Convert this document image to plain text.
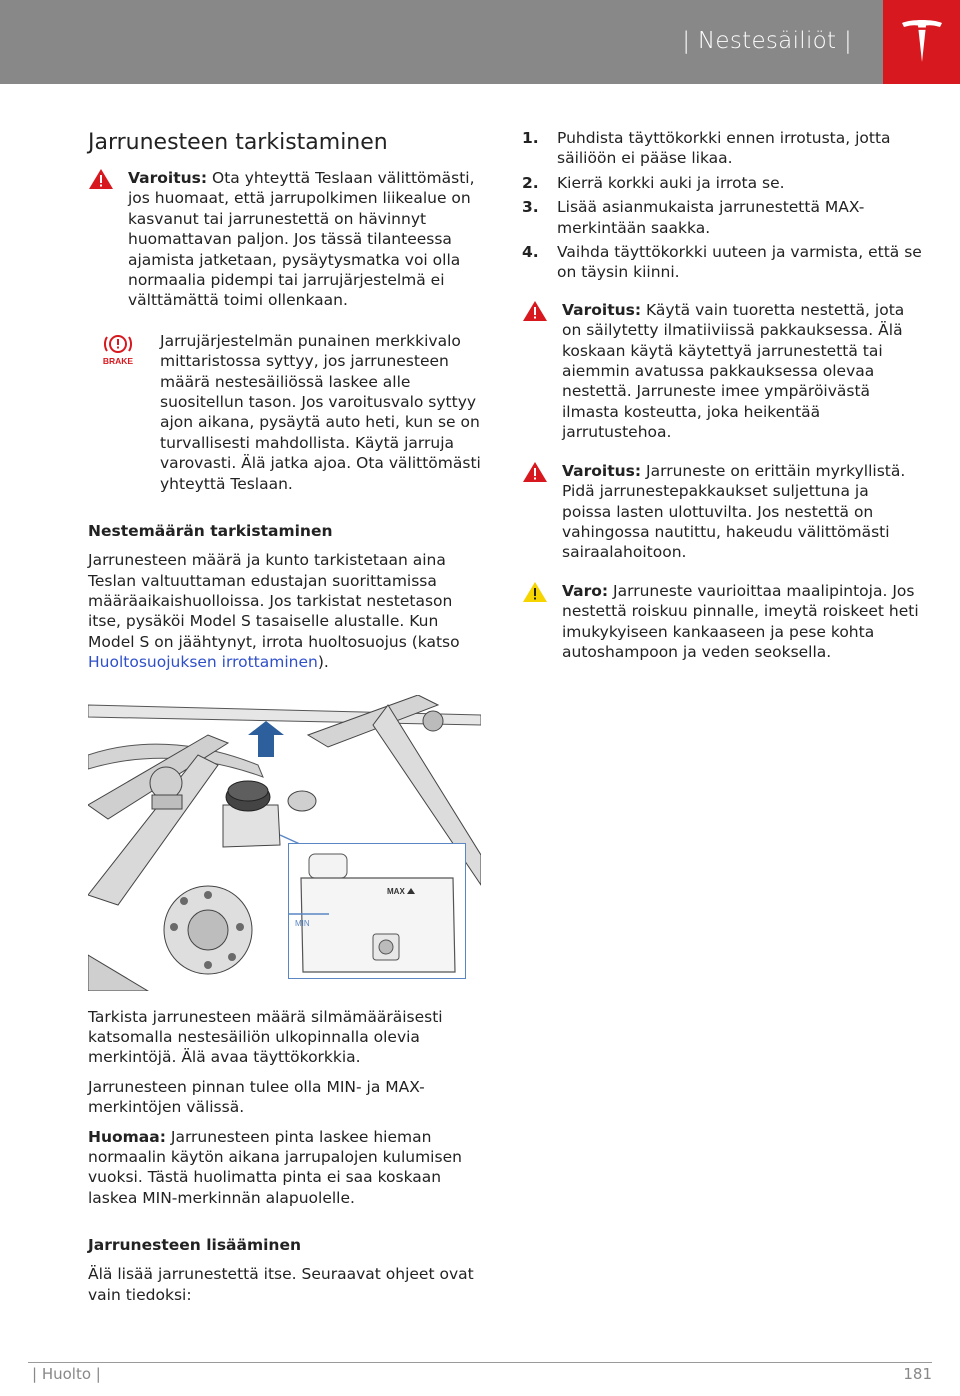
| Nestesäiliöt |
Jarrunesteen tarkistaminen
Varoitus: Ota yhteyttä Teslaan välittömästi, jos huomaat, että jarrupolkimen liikealue on kasvanut tai jarrunestettä on hävinnyt huomattavan paljon. Jos tässä tilanteessa ajamista jatketaan, pysäytysmatka voi olla normaalia pidempi tai jarrujärjestelmä ei välttämättä toimi ollenkaan.
BRAKE
Jarrujärjestelmän punainen merkkivalo mittaristossa syttyy, jos jarrunesteen määrä nestesäiliössä laskee alle suositellun tason. Jos varoitusvalo syttyy ajon aikana, pysäytä auto heti, kun se on turvallisesti mahdollista. Käytä jarruja varovasti. Älä jatka ajoa. Ota välittömästi yhteyttä Teslaan.
Nestemäärän tarkistaminen

Jarrunesteen määrä ja kunto tarkistetaan aina Teslan valtuuttaman edustajan suorittamissa määräaikaishuolloissa. Jos tarkistat nestetason itse, pysäköi Model S tasaiselle alustalle. Kun Model S on jäähtynyt, irrota huoltosuojus (katso Huoltosuojuksen irrottaminen).

MAX
MIN

Tarkista jarrunesteen määrä silmämääräisesti katsomalla nestesäiliön ulkopinnalla olevia merkintöjä. Älä avaa täyttökorkkia.

Jarrunesteen pinnan tulee olla MIN- ja MAX-merkintöjen välissä.

Huomaa: Jarrunesteen pinta laskee hieman normaalin käytön aikana jarrupalojen kulumisen vuoksi. Tästä huolimatta pinta ei saa koskaan laskea MIN-merkinnän alapuolelle.

Jarrunesteen lisääminen

Älä lisää jarrunestettä itse. Seuraavat ohjeet ovat vain tiedoksi:

1. Puhdista täyttökorkki ennen irrotusta, jotta säiliöön ei pääse likaa.
2. Kierrä korkki auki ja irrota se.
3. Lisää asianmukaista jarrunestettä MAX-merkintään saakka.
4. Vaihda täyttökorkki uuteen ja varmista, että se on täysin kiinni.
Varoitus: Käytä vain tuoretta nestettä, jota on säilytetty ilmatiiviissä pakkauksessa. Älä koskaan käytä käytettyä jarrunestettä tai aiemmin avatussa pakkauksessa olevaa nestettä. Jarruneste imee ympäröivästä ilmasta kosteutta, joka heikentää jarrutustehoa.
Varoitus: Jarruneste on erittäin myrkyllistä. Pidä jarrunestepakkaukset suljettuna ja poissa lasten ulottuvilta. Jos nestettä on vahingossa nautittu, hakeudu välittömästi sairaalahoitoon.
Varo: Jarruneste vaurioittaa maalipintoja. Jos nestettä roiskuu pinnalle, imeytä roiskeet heti imukykyiseen kankaaseen ja pese kohta autoshampoon ja veden seoksella.
| Huolto |	181
